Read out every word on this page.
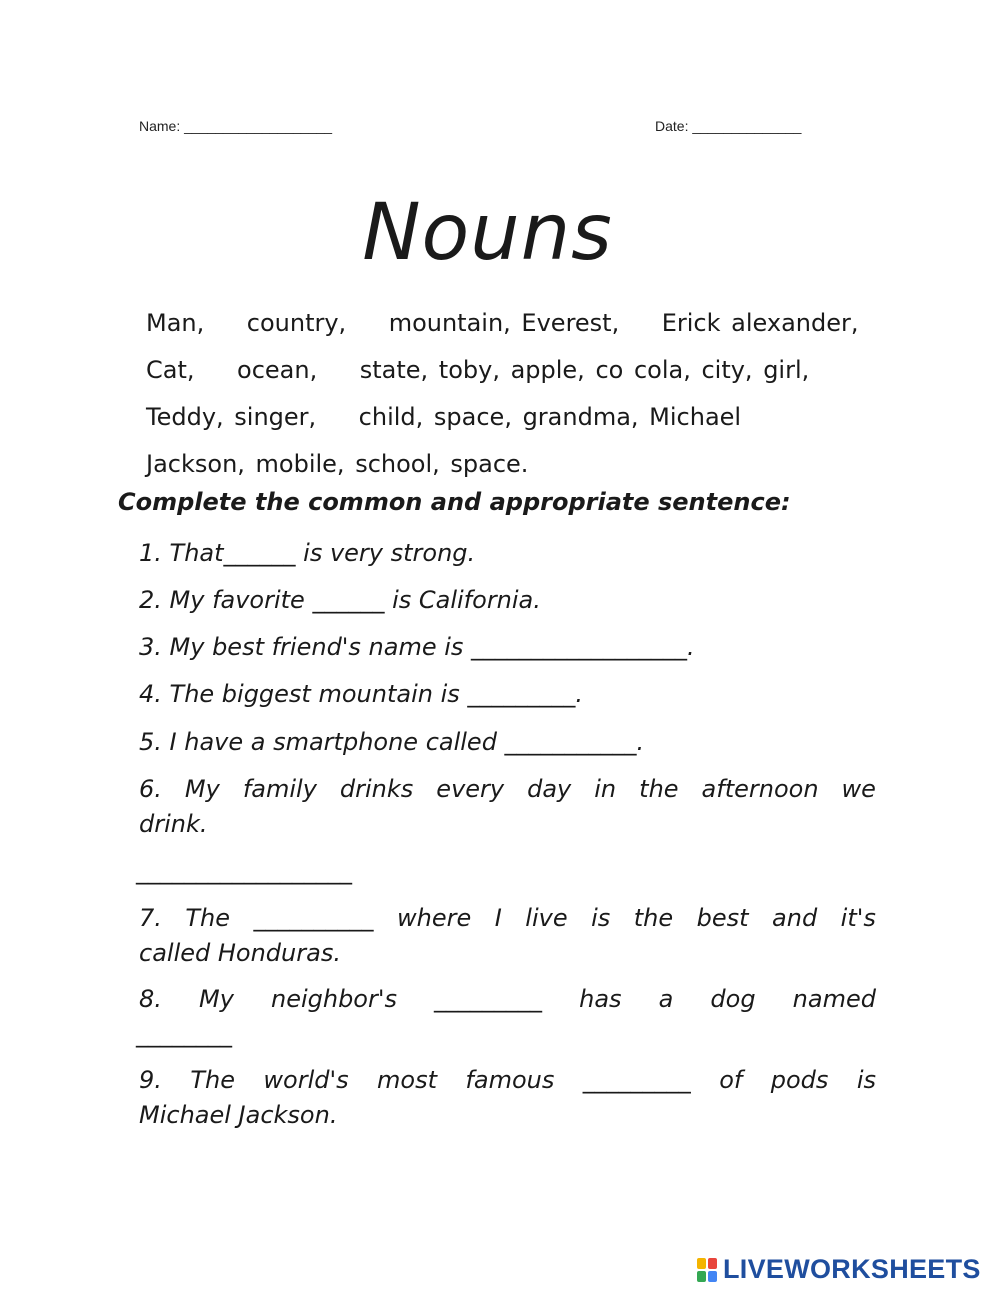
Name: ___________________	Date: ______________
Nouns
Man,    country,    mountain, Everest,    Erick alexander,
Cat,    ocean,    state, toby, apple, co cola, city, girl,
Teddy, singer,    child, space, grandma, Michael
Jackson, mobile, school, space.
Complete the common and appropriate sentence:
1. That______ is very strong.
2. My favorite ______ is California.
3. My best friend's name is __________________.
4. The biggest mountain is _________.
5. I have a smartphone called ___________.
6. My family drinks every day in the afternoon we
drink.
__________________
7. The __________ where I live is the best and it's
called Honduras.
8. My neighbor's _________ has a dog named
________
9. The world's most famous _________ of pods is
Michael Jackson.
LIVEWORKSHEETS
